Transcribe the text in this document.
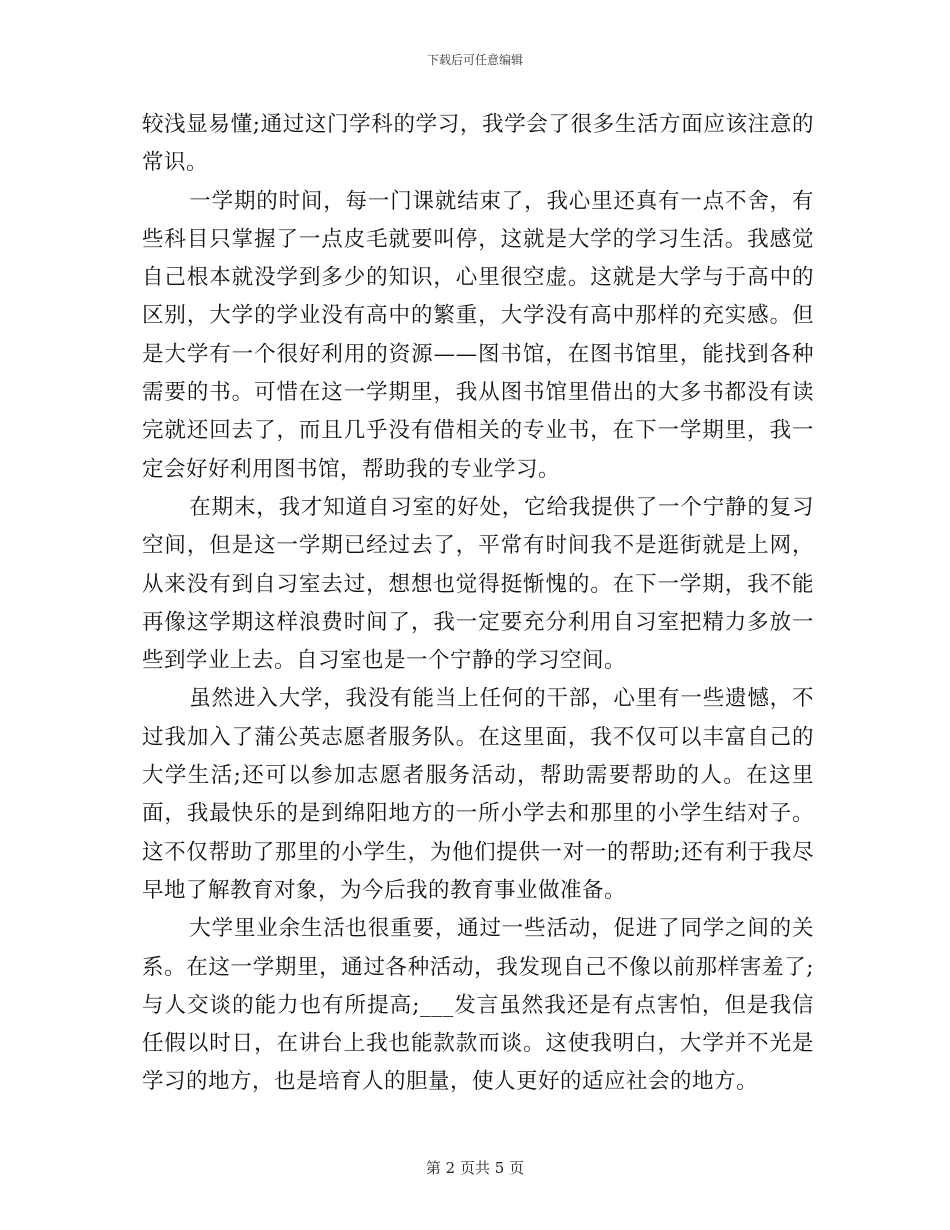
下载后可任意编辑

较浅显易懂;通过这门学科的学习，我学会了很多生活方面应该注意的常识。

一学期的时间，每一门课就结束了，我心里还真有一点不舍，有些科目只掌握了一点皮毛就要叫停，这就是大学的学习生活。我感觉自己根本就没学到多少的知识，心里很空虚。这就是大学与于高中的区别，大学的学业没有高中的繁重，大学没有高中那样的充实感。但是大学有一个很好利用的资源——图书馆，在图书馆里，能找到各种需要的书。可惜在这一学期里，我从图书馆里借出的大多书都没有读完就还回去了，而且几乎没有借相关的专业书，在下一学期里，我一定会好好利用图书馆，帮助我的专业学习。

在期末，我才知道自习室的好处，它给我提供了一个宁静的复习空间，但是这一学期已经过去了，平常有时间我不是逛街就是上网，从来没有到自习室去过，想想也觉得挺惭愧的。在下一学期，我不能再像这学期这样浪费时间了，我一定要充分利用自习室把精力多放一些到学业上去。自习室也是一个宁静的学习空间。

虽然进入大学，我没有能当上任何的干部，心里有一些遗憾，不过我加入了蒲公英志愿者服务队。在这里面，我不仅可以丰富自己的大学生活;还可以参加志愿者服务活动，帮助需要帮助的人。在这里面，我最快乐的是到绵阳地方的一所小学去和那里的小学生结对子。这不仅帮助了那里的小学生，为他们提供一对一的帮助;还有利于我尽早地了解教育对象，为今后我的教育事业做准备。

大学里业余生活也很重要，通过一些活动，促进了同学之间的关系。在这一学期里，通过各种活动，我发现自己不像以前那样害羞了;与人交谈的能力也有所提高;___发言虽然我还是有点害怕，但是我信任假以时日，在讲台上我也能款款而谈。这使我明白，大学并不光是学习的地方，也是培育人的胆量，使人更好的适应社会的地方。

第 2 页共 5 页
